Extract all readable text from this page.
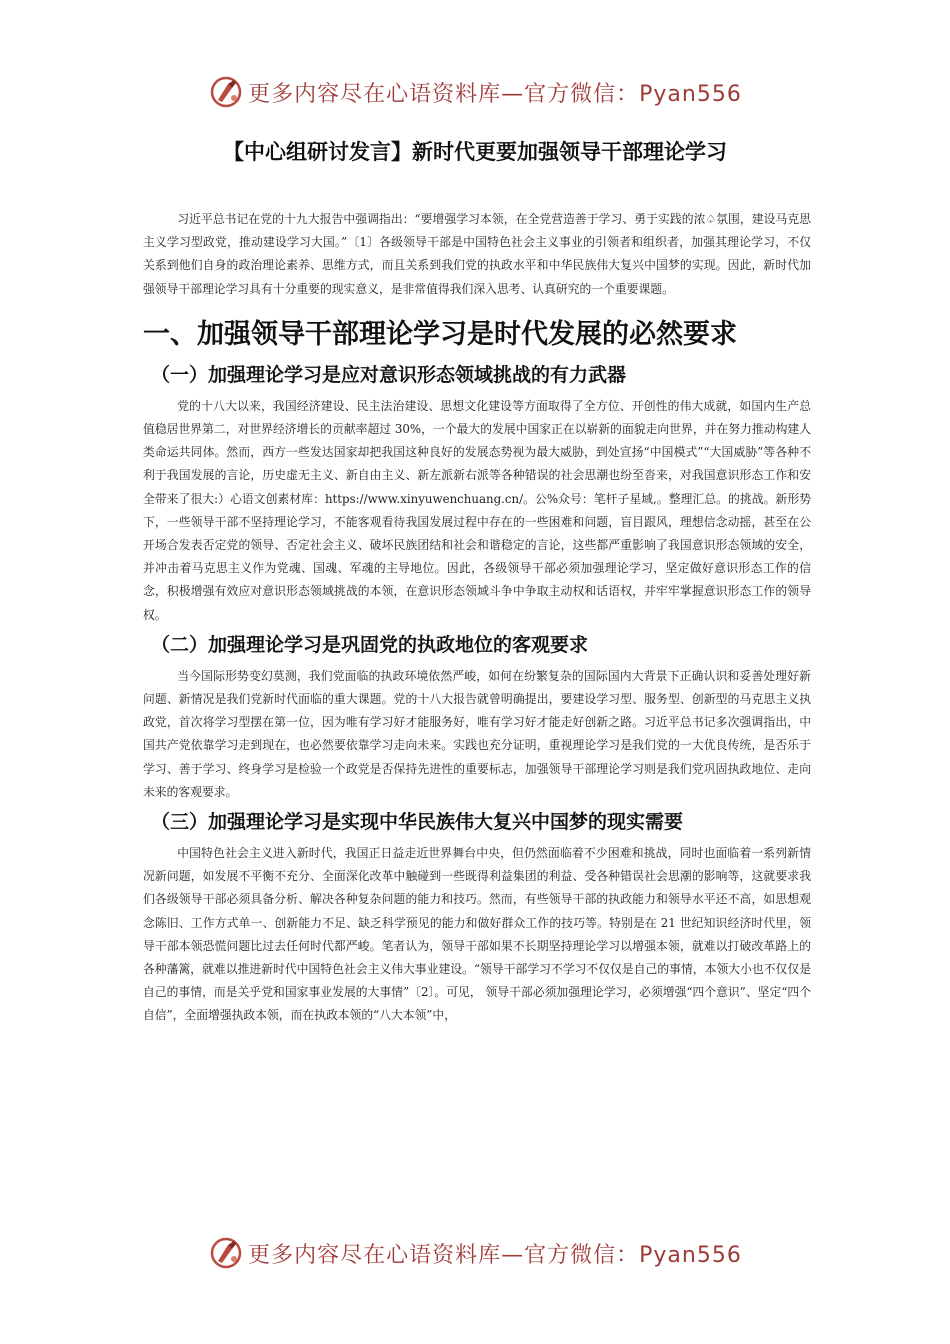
更多内容尽在心语资料库—官方微信：Pyan556
【中心组研讨发言】新时代更要加强领导干部理论学习

习近平总书记在党的十九大报告中强调指出：“要增强学习本领，在全党营造善于学习、勇于实践的浓♤氛围，建设马克思主义学习型政党，推动建设学习大国。”〔1〕各级领导干部是中国特色社会主义事业的引领者和组织者，加强其理论学习，不仅关系到他们自身的政治理论素养、思维方式，而且关系到我们党的执政水平和中华民族伟大复兴中国梦的实现。因此，新时代加强领导干部理论学习具有十分重要的现实意义，是非常值得我们深入思考、认真研究的一个重要课题。

一、加强领导干部理论学习是时代发展的必然要求
（一）加强理论学习是应对意识形态领域挑战的有力武器

党的十八大以来，我国经济建设、民主法治建设、思想文化建设等方面取得了全方位、开创性的伟大成就，如国内生产总值稳居世界第二，对世界经济增长的贡献率超过 30%，一个最大的发展中国家正在以崭新的面貌走向世界，并在努力推动构建人类命运共同体。然而，西方一些发达国家却把我国这种良好的发展态势视为最大威胁，到处宣扬“中国模式”“大国威胁”等各种不利于我国发展的言论，历史虚无主义、新自由主义、新左派新右派等各种错误的社会思潮也纷至沓来，对我国意识形态工作和安全带来了很大:）心语文创素材库：https://www.xinyuwenchuang.cn/。公%众号：笔杆子星域,。整理汇总。的挑战。新形势下，一些领导干部不坚持理论学习，不能客观看待我国发展过程中存在的一些困难和问题，盲目跟风，理想信念动摇，甚至在公开场合发表否定党的领导、否定社会主义、破坏民族团结和社会和谐稳定的言论，这些都严重影响了我国意识形态领域的安全，并冲击着马克思主义作为党魂、国魂、军魂的主导地位。因此，各级领导干部必须加强理论学习，坚定做好意识形态工作的信念，积极增强有效应对意识形态领域挑战的本领，在意识形态领域斗争中争取主动权和话语权，并牢牢掌握意识形态工作的领导权。

（二）加强理论学习是巩固党的执政地位的客观要求

当今国际形势变幻莫测，我们党面临的执政环境依然严峻，如何在纷繁复杂的国际国内大背景下正确认识和妥善处理好新问题、新情况是我们党新时代面临的重大课题。党的十八大报告就曾明确提出，要建设学习型、服务型、创新型的马克思主义执政党，首次将学习型摆在第一位，因为唯有学习好才能服务好，唯有学习好才能走好创新之路。习近平总书记多次强调指出，中国共产党依靠学习走到现在，也必然要依靠学习走向未来。实践也充分证明，重视理论学习是我们党的一大优良传统，是否乐于学习、善于学习、终身学习是检验一个政党是否保持先进性的重要标志，加强领导干部理论学习则是我们党巩固执政地位、走向未来的客观要求。

（三）加强理论学习是实现中华民族伟大复兴中国梦的现实需要

中国特色社会主义进入新时代，我国正日益走近世界舞台中央，但仍然面临着不少困难和挑战，同时也面临着一系列新情况新问题，如发展不平衡不充分、全面深化改革中触碰到一些既得利益集团的利益、受各种错误社会思潮的影响等，这就要求我们各级领导干部必须具备分析、解决各种复杂问题的能力和技巧。然而，有些领导干部的执政能力和领导水平还不高，如思想观念陈旧、工作方式单一、创新能力不足、缺乏科学预见的能力和做好群众工作的技巧等。特别是在 21 世纪知识经济时代里，领导干部本领恐慌问题比过去任何时代都严峻。笔者认为，领导干部如果不长期坚持理论学习以增强本领，就难以打破改革路上的各种藩篱，就难以推进新时代中国特色社会主义伟大事业建设。“领导干部学习不学习不仅仅是自己的事情，本领大小也不仅仅是自己的事情，而是关乎党和国家事业发展的大事情”〔2〕。可见， 领导干部必须加强理论学习，必须增强“四个意识”、坚定“四个自信”，全面增强执政本领，而在执政本领的“八大本领”中，

更多内容尽在心语资料库—官方微信：Pyan556
